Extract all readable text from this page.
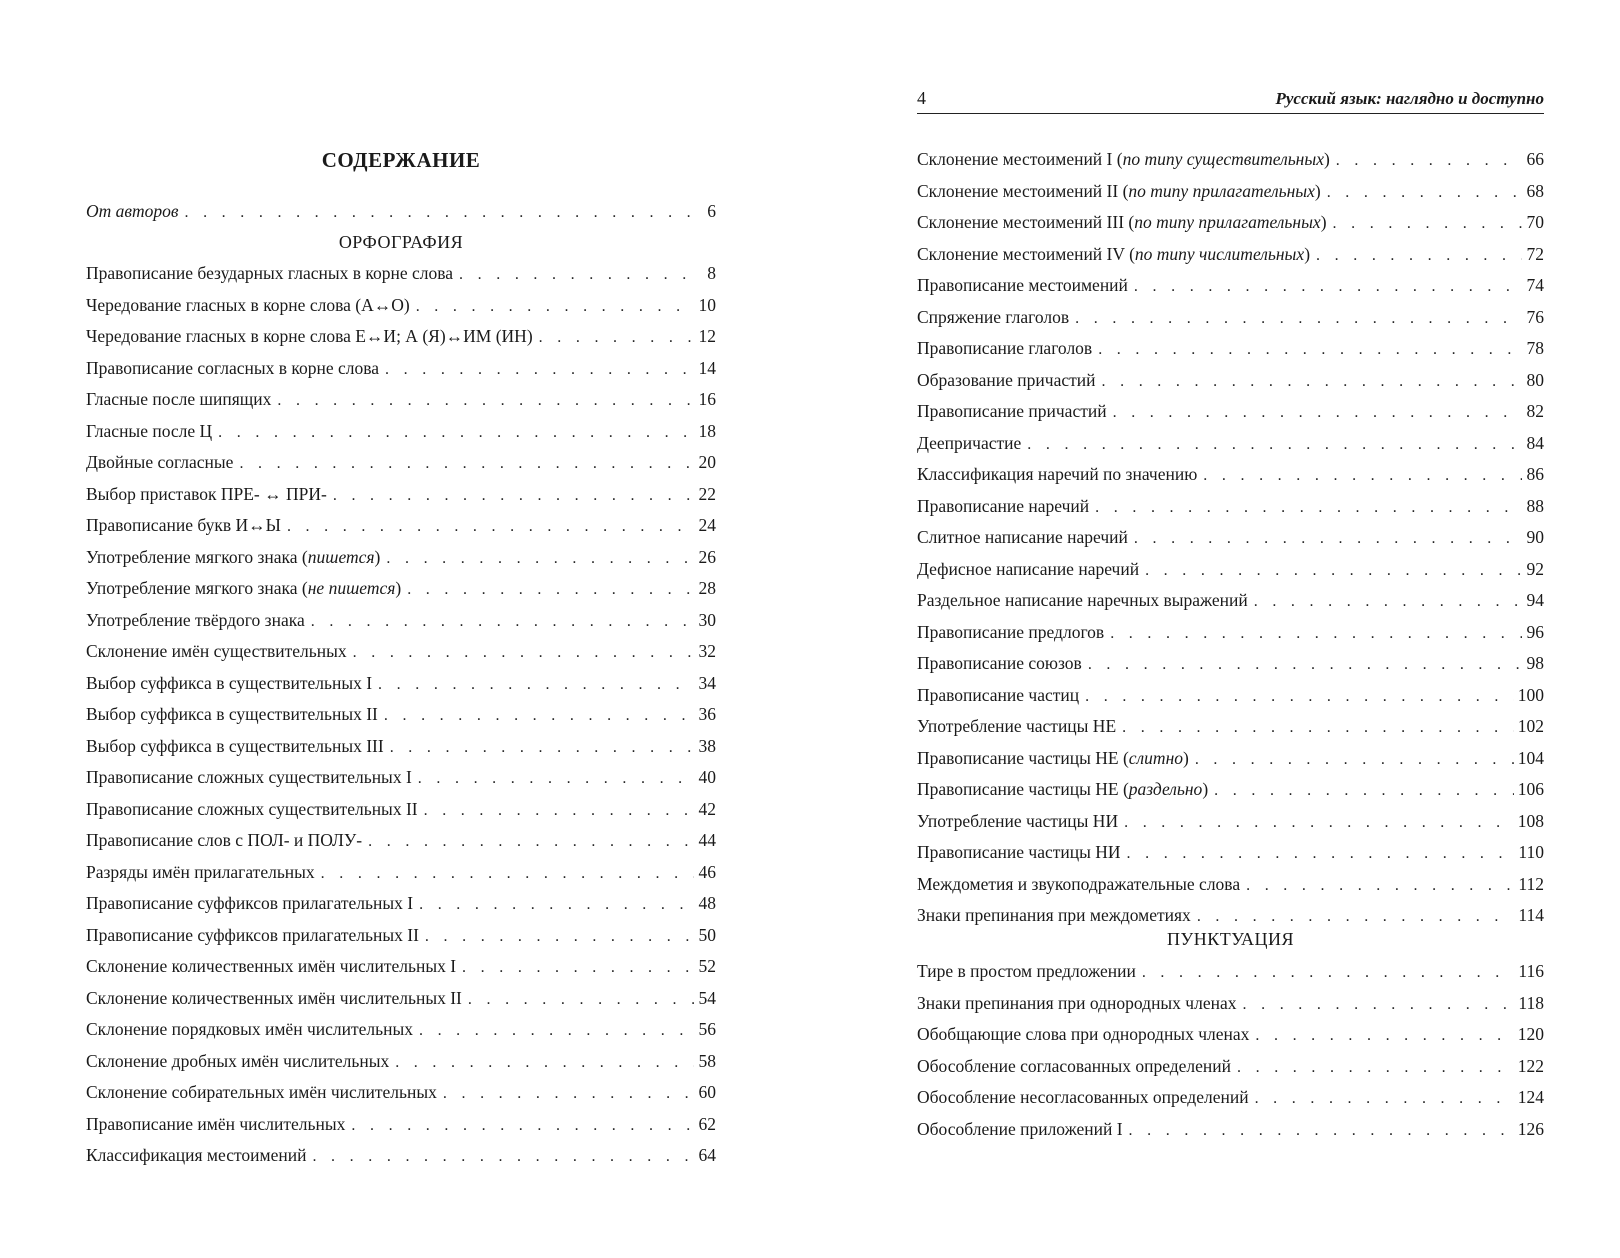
СОДЕРЖАНИЕ
От авторов . . .	6
ОРФОГРАФИЯ
Правописание безударных гласных в корне слова . . .	8
Чередование гласных в корне слова (А↔О) . . .	10
Чередование гласных в корне слова Е↔И; А (Я)↔ИМ (ИН) . . .	12
Правописание согласных в корне слова . . .	14
Гласные после шипящих . . .	16
Гласные после Ц . . .	18
Двойные согласные . . .	20
Выбор приставок ПРЕ- ↔ ПРИ- . . .	22
Правописание букв И↔Ы . . .	24
Употребление мягкого знака (пишется) . . .	26
Употребление мягкого знака (не пишется) . . .	28
Употребление твёрдого знака . . .	30
Склонение имён существительных . . .	32
Выбор суффикса в существительных I . . .	34
Выбор суффикса в существительных II . . .	36
Выбор суффикса в существительных III . . .	38
Правописание сложных существительных I . . .	40
Правописание сложных существительных II . . .	42
Правописание слов с ПОЛ- и ПОЛУ- . . .	44
Разряды имён прилагательных . . .	46
Правописание суффиксов прилагательных I . . .	48
Правописание суффиксов прилагательных II . . .	50
Склонение количественных имён числительных I . . .	52
Склонение количественных имён числительных II . . .	54
Склонение порядковых имён числительных . . .	56
Склонение дробных имён числительных . . .	58
Склонение собирательных имён числительных . . .	60
Правописание имён числительных . . .	62
Классификация местоимений . . .	64
4	Русский язык: наглядно и доступно
Склонение местоимений I (по типу существительных) . . .	66
Склонение местоимений II (по типу прилагательных) . . .	68
Склонение местоимений III (по типу прилагательных) . . .	70
Склонение местоимений IV (по типу числительных) . . .	72
Правописание местоимений . . .	74
Спряжение глаголов . . .	76
Правописание глаголов . . .	78
Образование причастий . . .	80
Правописание причастий . . .	82
Деепричастие . . .	84
Классификация наречий по значению . . .	86
Правописание наречий . . .	88
Слитное написание наречий . . .	90
Дефисное написание наречий . . .	92
Раздельное написание наречных выражений . . .	94
Правописание предлогов . . .	96
Правописание союзов . . .	98
Правописание частиц . . .	100
Употребление частицы НЕ . . .	102
Правописание частицы НЕ (слитно) . . .	104
Правописание частицы НЕ (раздельно) . . .	106
Употребление частицы НИ . . .	108
Правописание частицы НИ . . .	110
Междометия и звукоподражательные слова . . .	112
Знаки препинания при междометиях . . .	114
ПУНКТУАЦИЯ
Тире в простом предложении . . .	116
Знаки препинания при однородных членах . . .	118
Обобщающие слова при однородных членах . . .	120
Обособление согласованных определений . . .	122
Обособление несогласованных определений . . .	124
Обособление приложений I . . .	126
